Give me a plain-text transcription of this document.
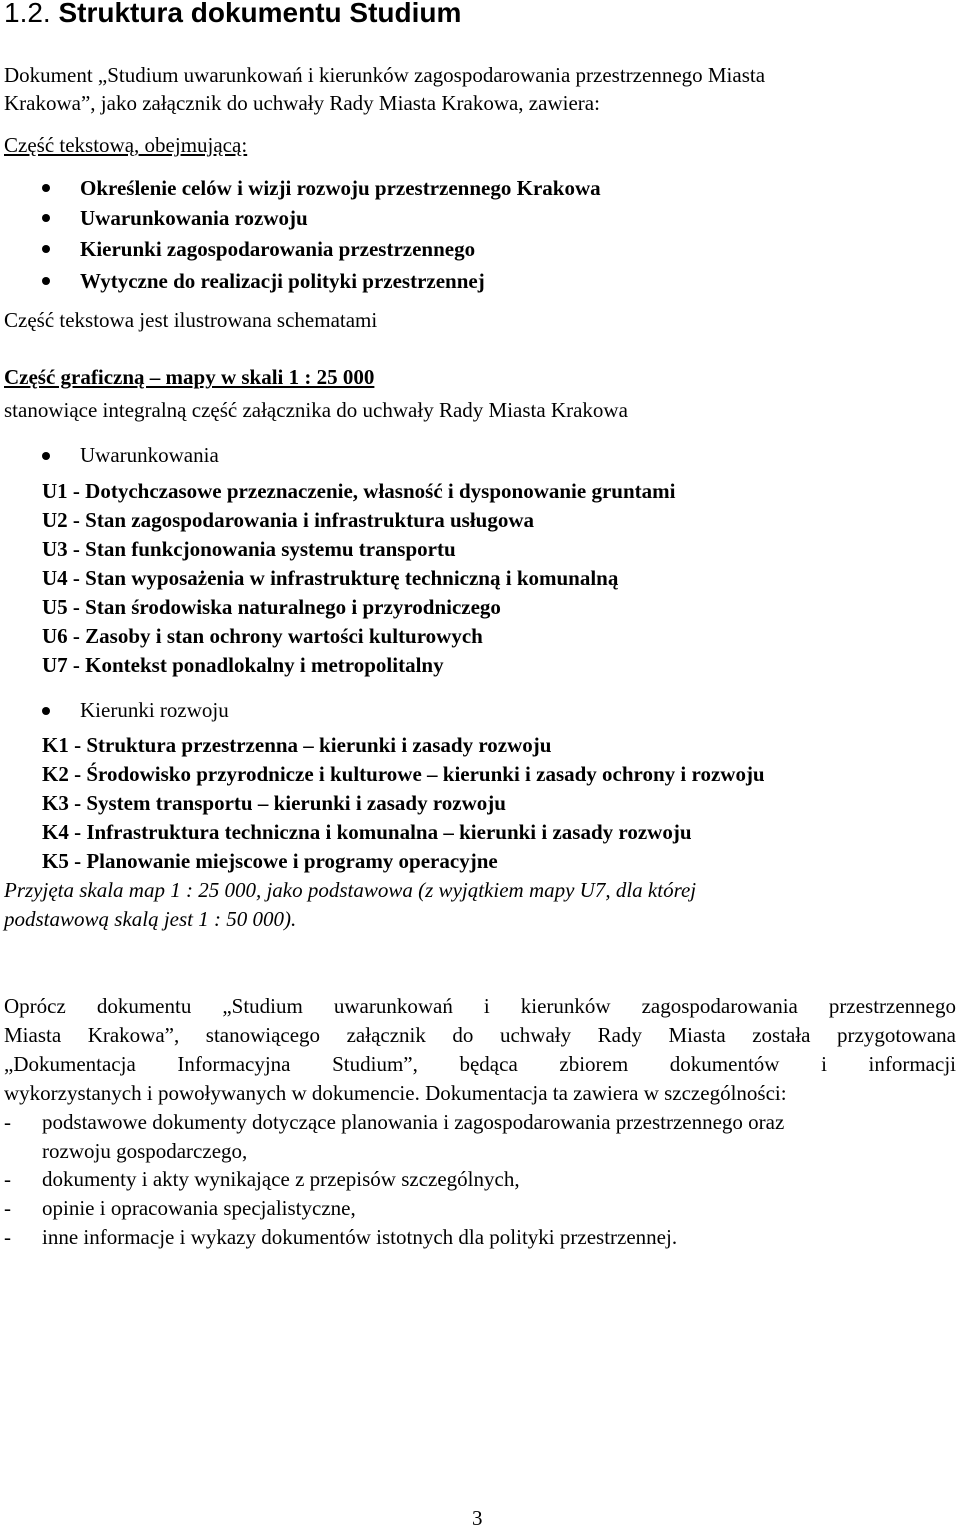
1.2. Struktura dokumentu Studium
Dokument „Studium uwarunkowań i kierunków zagospodarowania przestrzennego Miasta
Krakowa”, jako załącznik do uchwały Rady Miasta Krakowa, zawiera:
Część tekstową, obejmującą:
Określenie celów i wizji rozwoju przestrzennego Krakowa
Uwarunkowania rozwoju
Kierunki zagospodarowania przestrzennego
Wytyczne do realizacji polityki przestrzennej
Część tekstowa jest ilustrowana schematami
Część graficzną – mapy w skali 1 : 25 000
stanowiące integralną część załącznika do uchwały Rady Miasta Krakowa
Uwarunkowania
U1 - Dotychczasowe przeznaczenie, własność i dysponowanie gruntami
U2 - Stan zagospodarowania i infrastruktura usługowa
U3 - Stan funkcjonowania systemu transportu
U4 - Stan wyposażenia w infrastrukturę techniczną i komunalną
U5 - Stan środowiska naturalnego i przyrodniczego
U6 - Zasoby i stan ochrony wartości kulturowych
U7 - Kontekst ponadlokalny i metropolitalny
Kierunki rozwoju
K1 - Struktura przestrzenna – kierunki i zasady rozwoju
K2 - Środowisko przyrodnicze i kulturowe – kierunki i zasady ochrony i rozwoju
K3 - System transportu – kierunki i zasady rozwoju
K4 - Infrastruktura techniczna i komunalna – kierunki i zasady rozwoju
K5 - Planowanie miejscowe i programy operacyjne
Przyjęta skala map 1 : 25 000, jako podstawowa (z wyjątkiem mapy U7, dla której
podstawową skalą jest 1 : 50 000).
Oprócz dokumentu „Studium uwarunkowań i kierunków zagospodarowania przestrzennego
Miasta Krakowa”, stanowiącego załącznik do uchwały Rady Miasta została przygotowana
„Dokumentacja Informacyjna Studium”, będąca zbiorem dokumentów i informacji
wykorzystanych i powoływanych w dokumencie. Dokumentacja ta zawiera w szczególności:
- podstawowe dokumenty dotyczące planowania i zagospodarowania przestrzennego oraz
rozwoju gospodarczego,
- dokumenty i akty wynikające z przepisów szczególnych,
- opinie i opracowania specjalistyczne,
- inne informacje i wykazy dokumentów istotnych dla polityki przestrzennej.
3
